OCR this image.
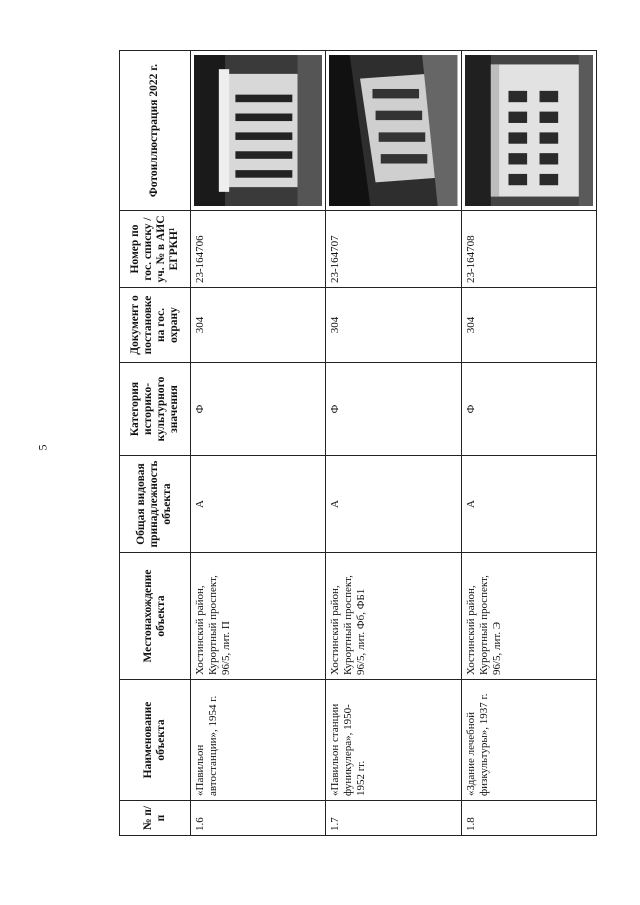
5
№ п/п	Наименование объекта	Местонахождение объекта	Общая видовая принадлежность объекта	Категория историко-культурного значения	Документ о постановке на гос. охрану	Номер по гос. списку /уч. № в АИС ЕГРКН¹	Фотоиллюстрация 2022 г.
1.6	«Павильон автостанции», 1954 г.	Хостинский район, Курортный проспект, 96/5, лит. П	А	Ф	304	23-164706	

1.7	«Павильон станции фуникулера», 1950-1952 гг.	Хостинский район, Курортный проспект, 96/5, лит. Фб, ФБ1	А	Ф	304	23-164707	

1.8	«Здание лечебной физкультуры», 1937 г.	Хостинский район, Курортный проспект, 96/5, лит. Э	А	Ф	304	23-164708	
